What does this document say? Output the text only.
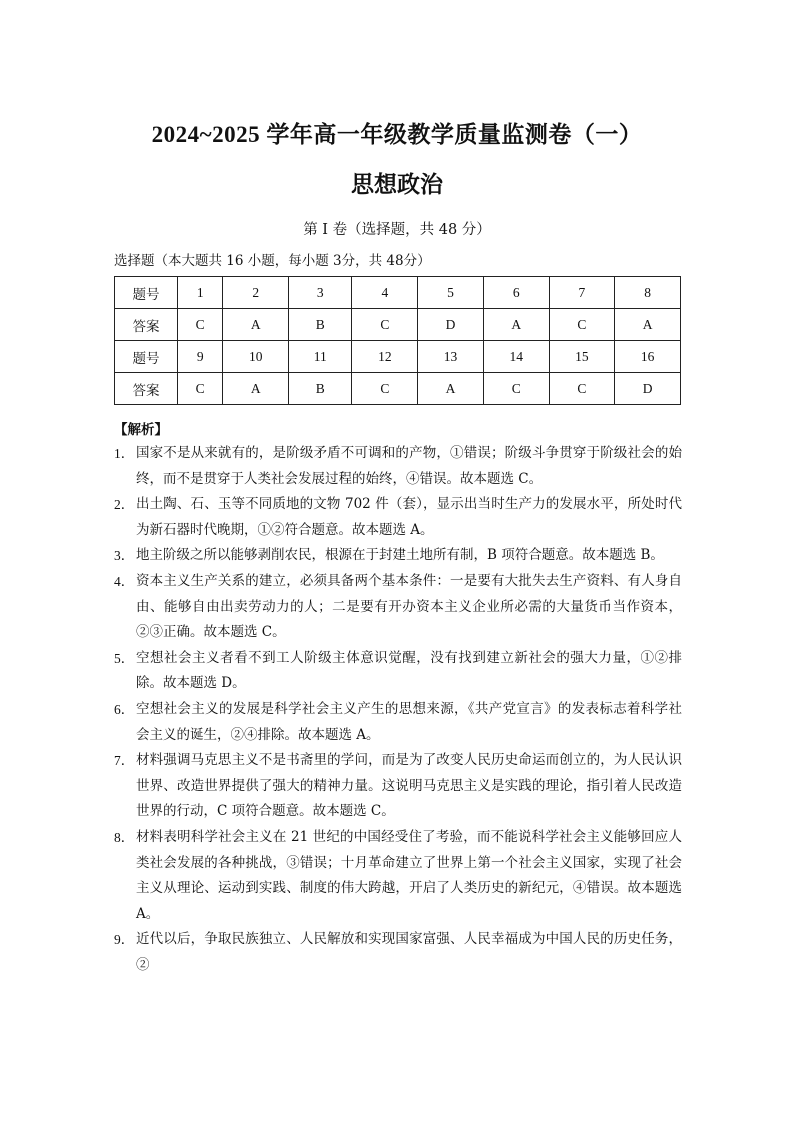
2024~2025 学年高一年级教学质量监测卷（一）
思想政治
第 I 卷（选择题，共 48 分）
选择题（本大题共 16 小题，每小题 3分，共 48分）
题号	1	2	3	4	5	6	7	8
答案	C	A	B	C	D	A	C	A
题号	9	10	11	12	13	14	15	16
答案	C	A	B	C	A	C	C	D
【解析】
1． 国家不是从来就有的，是阶级矛盾不可调和的产物，①错误；阶级斗争贯穿于阶级社会的始终，而不是贯穿于人类社会发展过程的始终，④错误。故本题选 C。
2． 出土陶、石、玉等不同质地的文物 702 件（套），显示出当时生产力的发展水平，所处时代为新石器时代晚期，①②符合题意。故本题选 A。
3． 地主阶级之所以能够剥削农民，根源在于封建土地所有制，B 项符合题意。故本题选 B。
4． 资本主义生产关系的建立，必须具备两个基本条件：一是要有大批失去生产资料、有人身自由、能够自由出卖劳动力的人；二是要有开办资本主义企业所必需的大量货币当作资本，②③正确。故本题选 C。
5． 空想社会主义者看不到工人阶级主体意识觉醒，没有找到建立新社会的强大力量，①②排除。故本题选 D。
6． 空想社会主义的发展是科学社会主义产生的思想来源，《共产党宣言》的发表标志着科学社会主义的诞生，②④排除。故本题选 A。
7． 材料强调马克思主义不是书斋里的学问，而是为了改变人民历史命运而创立的，为人民认识世界、改造世界提供了强大的精神力量。这说明马克思主义是实践的理论，指引着人民改造世界的行动，C 项符合题意。故本题选 C。
8． 材料表明科学社会主义在 21 世纪的中国经受住了考验，而不能说科学社会主义能够回应人类社会发展的各种挑战，③错误；十月革命建立了世界上第一个社会主义国家，实现了社会主义从理论、运动到实践、制度的伟大跨越，开启了人类历史的新纪元，④错误。故本题选 A。
9． 近代以后，争取民族独立、人民解放和实现国家富强、人民幸福成为中国人民的历史任务，②
